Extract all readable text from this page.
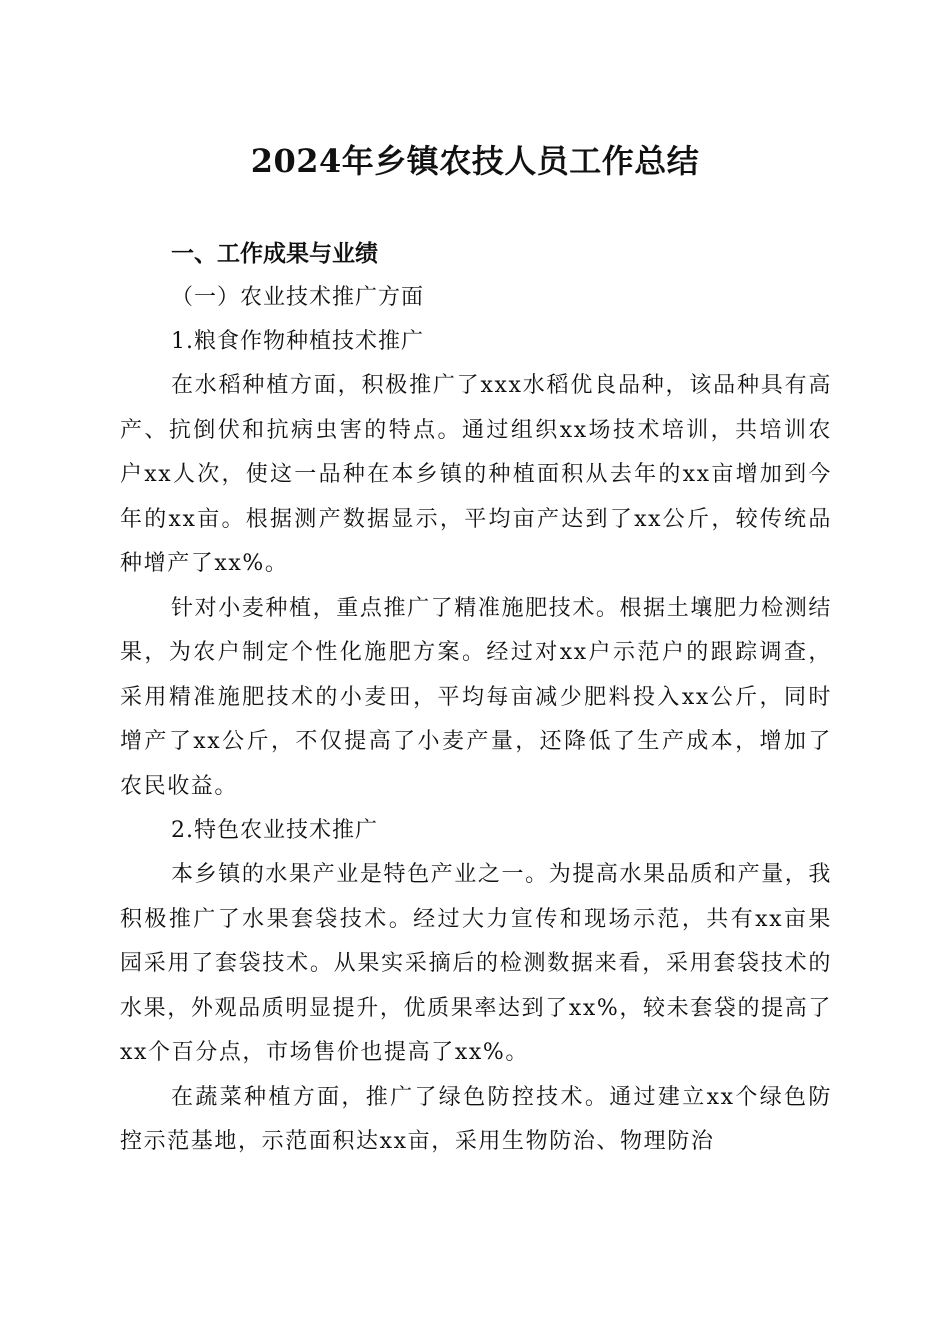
2024年乡镇农技人员工作总结

一、工作成果与业绩

（一）农业技术推广方面

1.粮食作物种植技术推广

在水稻种植方面，积极推广了xxx水稻优良品种，该品种具有高产、抗倒伏和抗病虫害的特点。通过组织xx场技术培训，共培训农户xx人次，使这一品种在本乡镇的种植面积从去年的xx亩增加到今年的xx亩。根据测产数据显示，平均亩产达到了xx公斤，较传统品种增产了xx%。

针对小麦种植，重点推广了精准施肥技术。根据土壤肥力检测结果，为农户制定个性化施肥方案。经过对xx户示范户的跟踪调查，采用精准施肥技术的小麦田，平均每亩减少肥料投入xx公斤，同时增产了xx公斤，不仅提高了小麦产量，还降低了生产成本，增加了农民收益。

2.特色农业技术推广

本乡镇的水果产业是特色产业之一。为提高水果品质和产量，我积极推广了水果套袋技术。经过大力宣传和现场示范，共有xx亩果园采用了套袋技术。从果实采摘后的检测数据来看，采用套袋技术的水果，外观品质明显提升，优质果率达到了xx%，较未套袋的提高了xx个百分点，市场售价也提高了xx%。

在蔬菜种植方面，推广了绿色防控技术。通过建立xx个绿色防控示范基地，示范面积达xx亩，采用生物防治、物理防治
